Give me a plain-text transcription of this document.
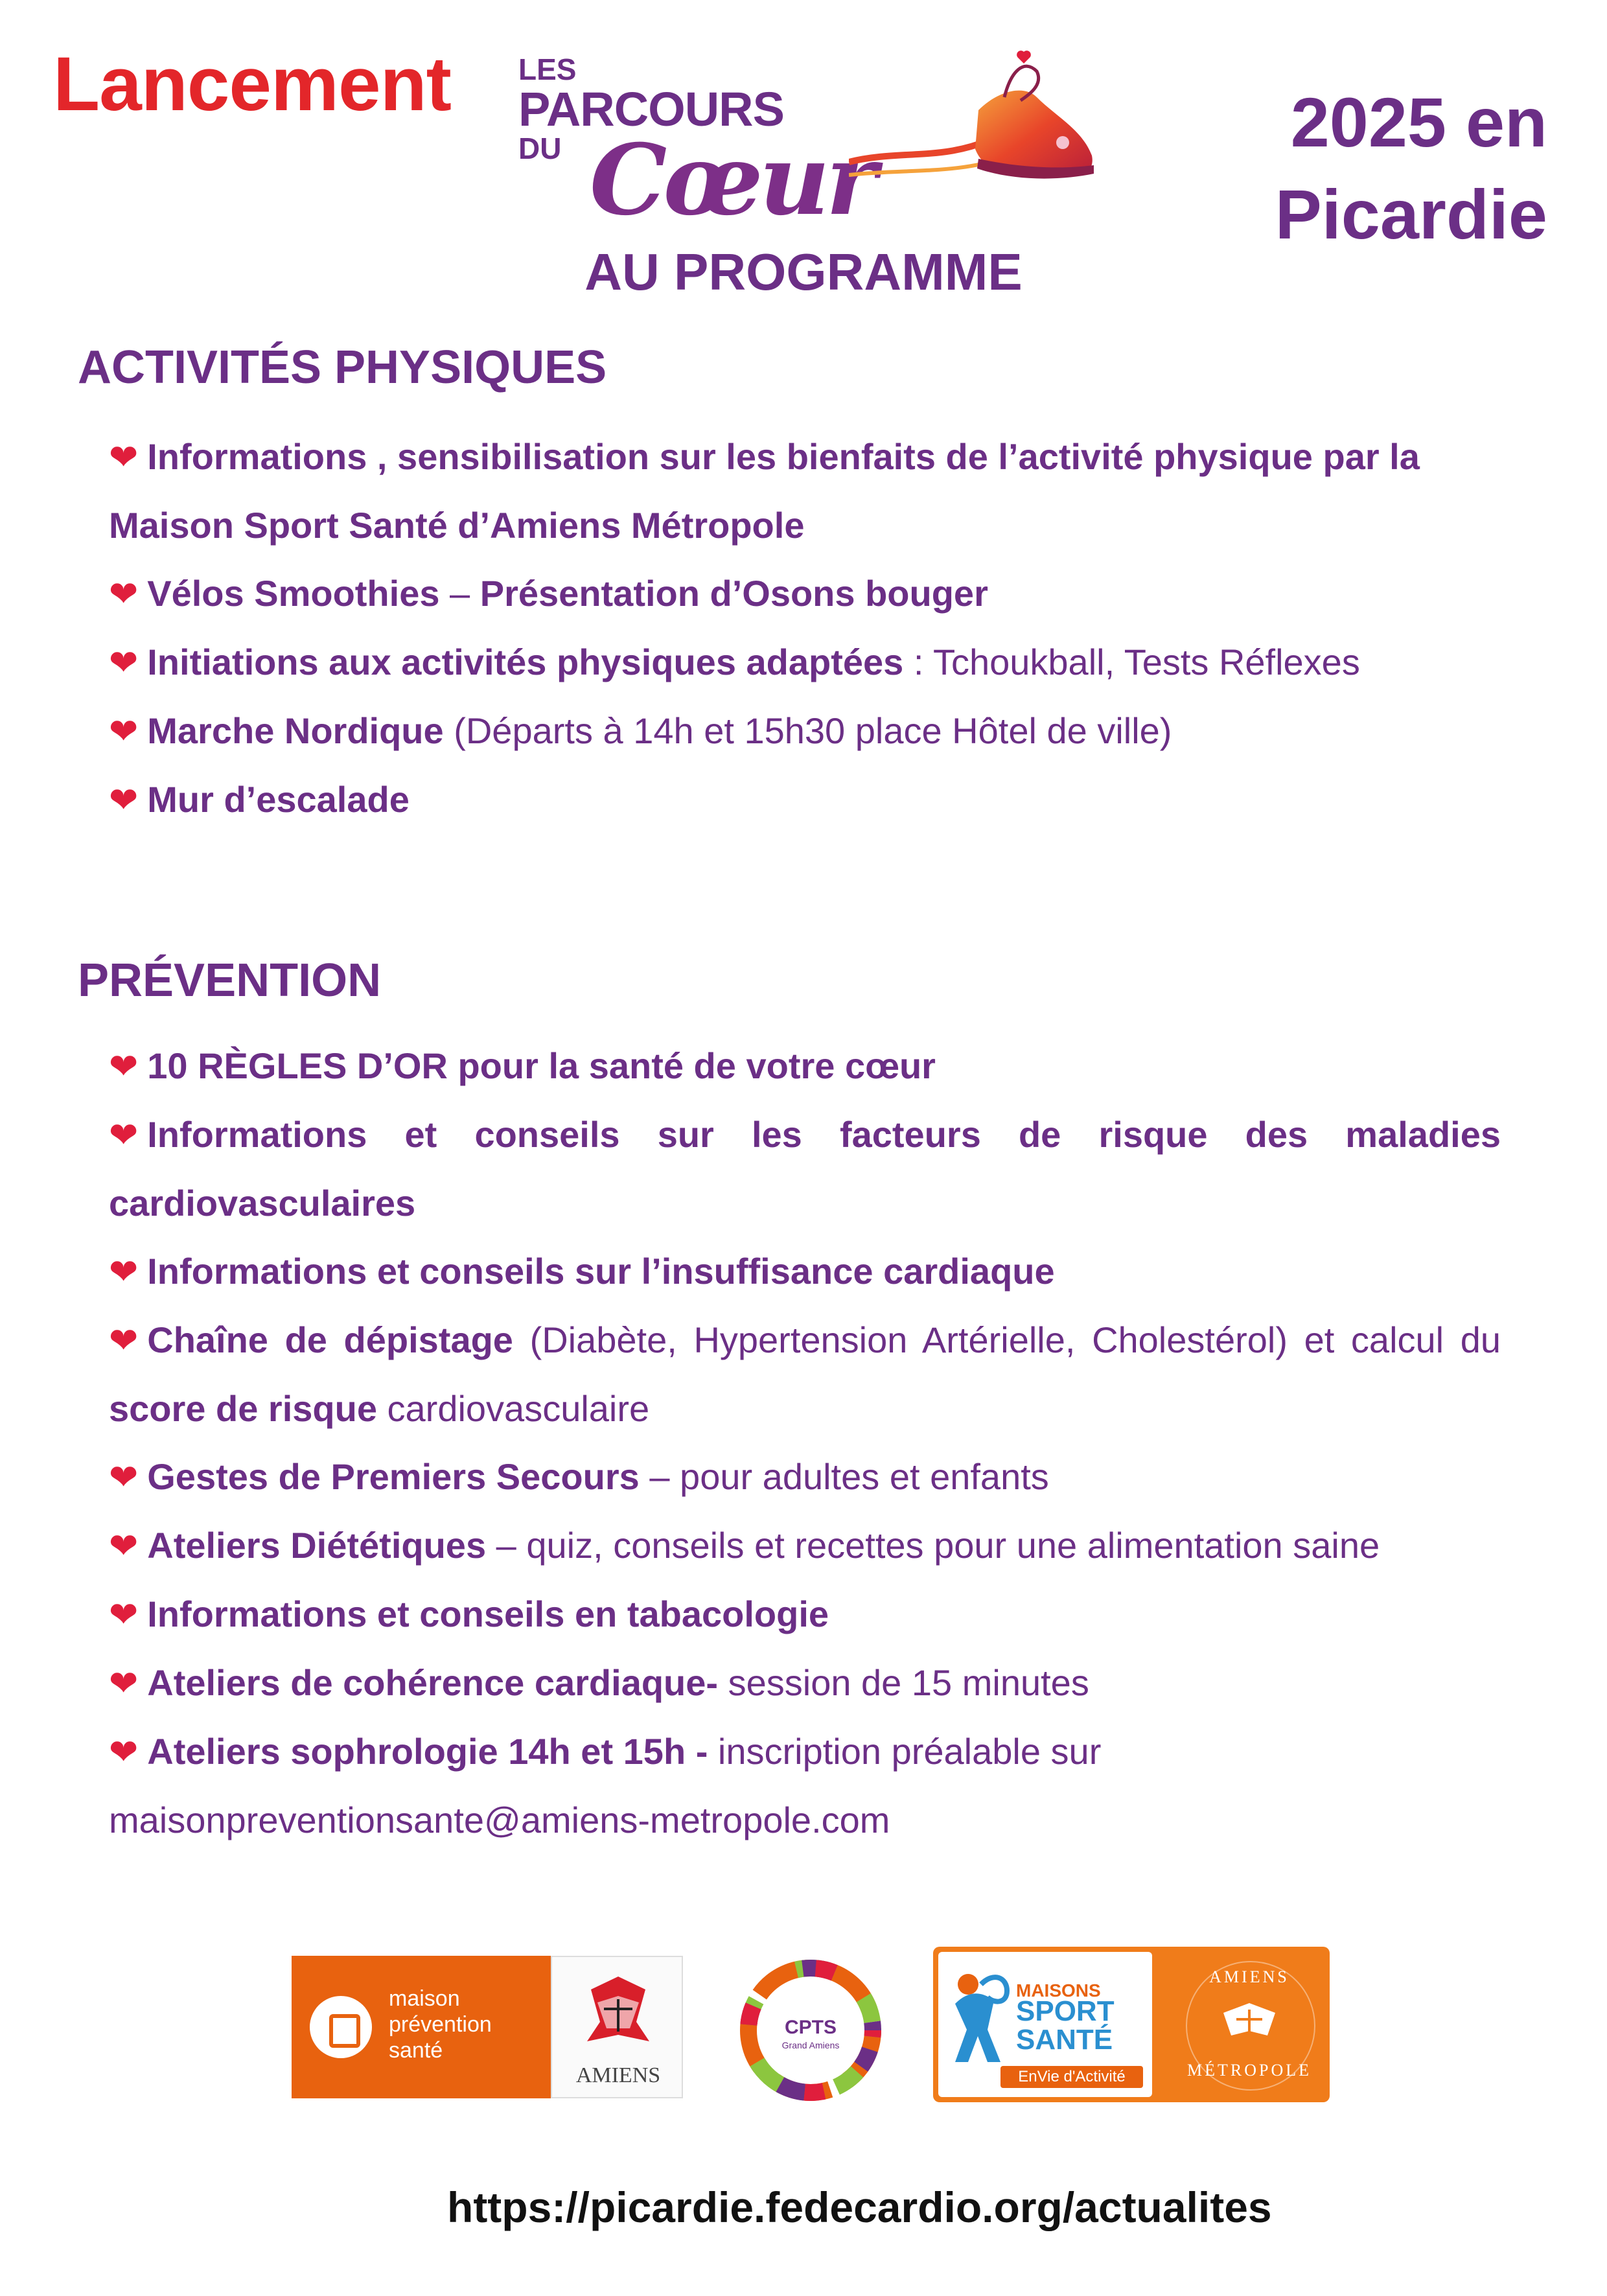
Lancement LES
PARCOURS
DU Cœur
2025 en
Picardie
AU PROGRAMME
ACTIVITÉS PHYSIQUES
❤ Informations , sensibilisation sur les bienfaits de l’activité physique par la Maison Sport Santé d’Amiens Métropole
❤ Vélos Smoothies – Présentation d’Osons bouger
❤ Initiations aux activités physiques adaptées : Tchoukball, Tests Réflexes
❤ Marche Nordique (Départs à 14h et 15h30 place Hôtel de ville)
❤ Mur d’escalade
PRÉVENTION
❤ 10 RÈGLES D’OR pour la santé de votre cœur
❤ Informations et conseils sur les facteurs de risque des maladies cardiovasculaires
❤ Informations et conseils sur l’insuffisance cardiaque
❤ Chaîne de dépistage (Diabète, Hypertension Artérielle, Cholestérol) et calcul du score de risque cardiovasculaire
❤ Gestes de Premiers Secours – pour adultes et enfants
❤ Ateliers Diététiques – quiz, conseils et recettes pour une alimentation saine
❤ Informations et conseils en tabacologie
❤ Ateliers de cohérence cardiaque- session de 15 minutes
❤ Ateliers sophrologie 14h et 15h - inscription préalable sur maisonpreventionsante@amiens-metropole.com
maison
prévention
santé
AMIENS
CPTS
Grand Amiens
MAISONS
SPORT
SANTÉ
EnVie d'Activité
AMIENS
MÉTROPOLE
https://picardie.fedecardio.org/actualites
